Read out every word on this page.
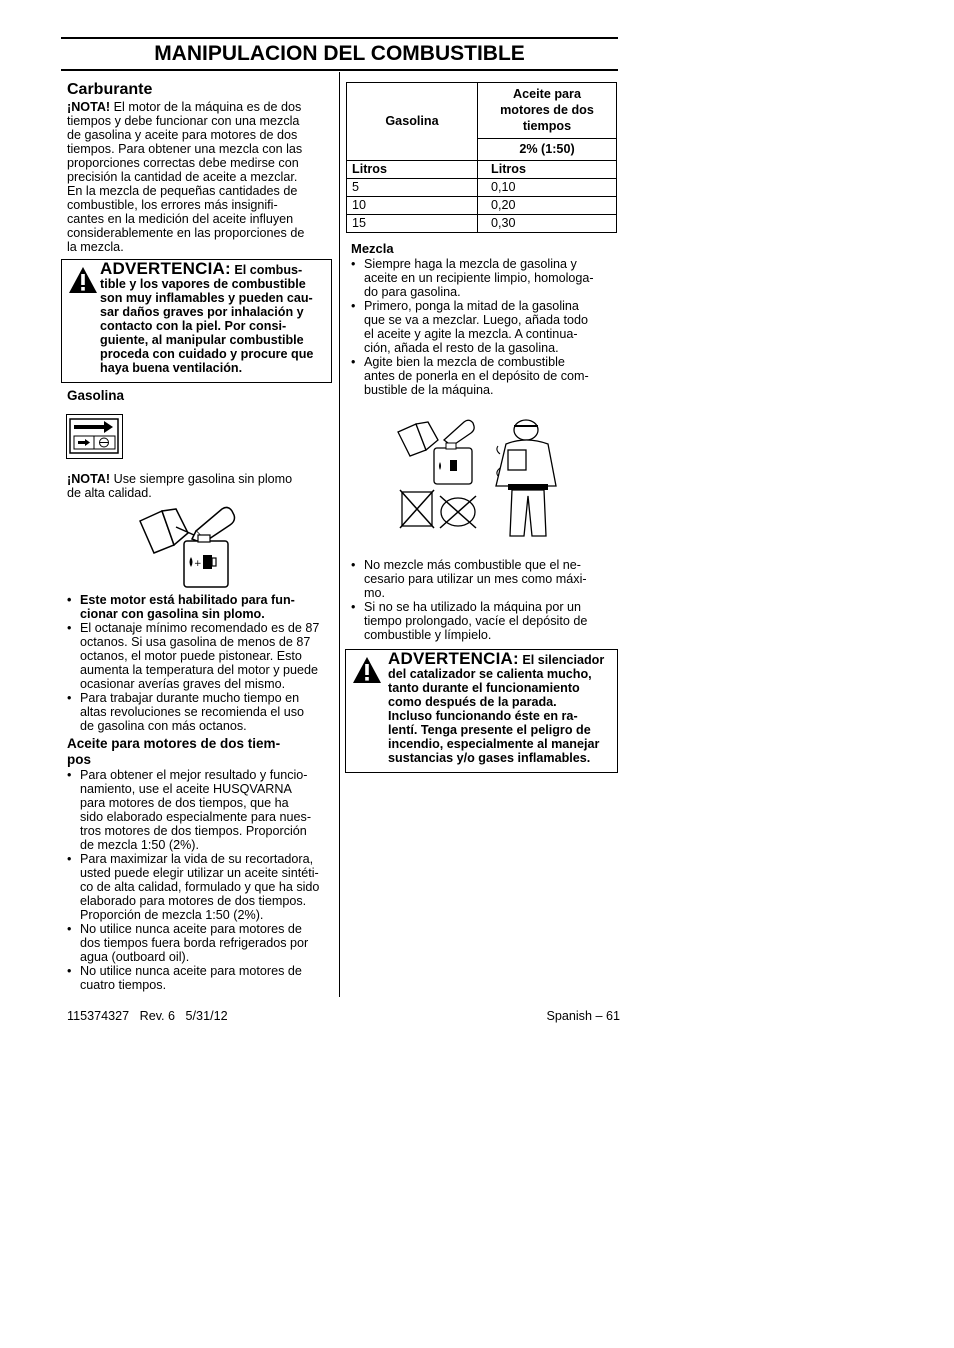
MANIPULACION DEL COMBUSTIBLE
Carburante
¡NOTA! El motor de la máquina es de dos
tiempos y debe funcionar con una mezcla
de gasolina y aceite para motores de dos
tiempos. Para obtener una mezcla con las
proporciones correctas debe medirse con
precisión la cantidad de aceite a mezclar.
En la mezcla de pequeñas cantidades de
combustible, los errores más insignifi-
cantes en la medición del aceite influyen
considerablemente en las proporciones de
la mezcla.
ADVERTENCIA: El combus-
tible y los vapores de combustible
son muy inflamables y pueden cau-
sar daños graves por inhalación y
contacto con la piel. Por consi-
guiente, al manipular combustible
proceda con cuidado y procure que
haya buena ventilación.
Gasolina
¡NOTA! Use siempre gasolina sin plomo
de alta calidad.
+
• Este motor está habilitado para fun-
cionar con gasolina sin plomo.
• El octanaje mínimo recomendado es de 87
octanos. Si usa gasolina de menos de 87
octanos, el motor puede pistonear. Esto
aumenta la temperatura del motor y puede
ocasionar averías graves del mismo.
• Para trabajar durante mucho tiempo en
altas revoluciones se recomienda el uso
de gasolina con más octanos.
Aceite para motores de dos tiem-
pos
• Para obtener el mejor resultado y funcio-
namiento, use el aceite HUSQVARNA
para motores de dos tiempos, que ha
sido elaborado especialmente para nues-
tros motores de dos tiempos. Proporción
de mezcla 1:50 (2%).
• Para maximizar la vida de su recortadora,
usted puede elegir utilizar un aceite sintéti-
co de alta calidad, formulado y que ha sido
elaborado para motores de dos tiempos.
Proporción de mezcla 1:50 (2%).
• No utilice nunca aceite para motores de
dos tiempos fuera borda refrigerados por
agua (outboard oil).
• No utilice nunca aceite para motores de
cuatro tiempos.
Gasolina	Aceite para
motores de dos
tiempos

	2% (1:50)
Litros	Litros
5	0,10
10	0,20
15	0,30
Mezcla
• Siempre haga la mezcla de gasolina y
aceite en un recipiente limpio, homologa-
do para gasolina.
• Primero, ponga la mitad de la gasolina
que se va a mezclar. Luego, añada todo
el aceite y agite la mezcla. A continua-
ción, añada el resto de la gasolina.
• Agite bien la mezcla de combustible
antes de ponerla en el depósito de com-
bustible de la máquina.
• No mezcle más combustible que el ne-
cesario para utilizar un mes como máxi-
mo.
• Si no se ha utilizado la máquina por un
tiempo prolongado, vacíe el depósito de
combustible y límpielo.
ADVERTENCIA: El silenciador
del catalizador se calienta mucho,
tanto durante el funcionamiento
como después de la parada.
Incluso funcionando éste en ra-
lentí. Tenga presente el peligro de
incendio, especialmente al manejar
sustancias y/o gases inflamables.
115374327   Rev. 6   5/31/12	Spanish – 61
